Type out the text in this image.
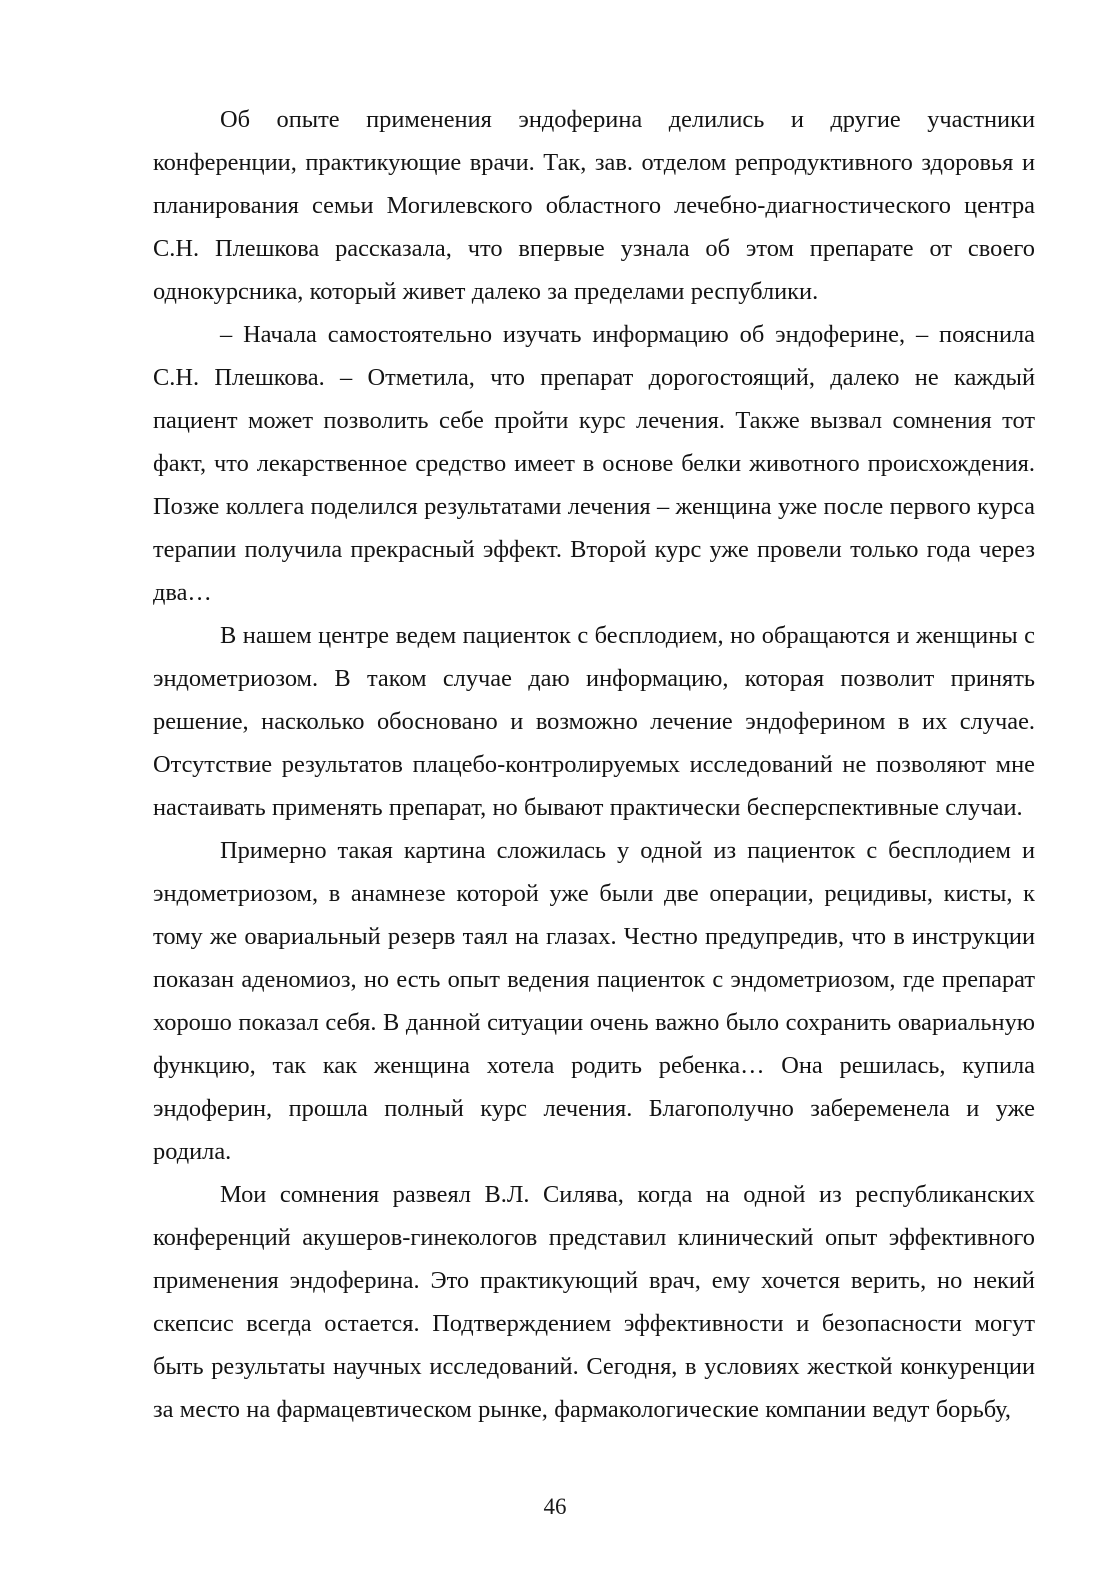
Об опыте применения эндоферина делились и другие участники конференции, практикующие врачи. Так, зав. отделом репродуктивного здоровья и планирования семьи Могилевского областного лечебно-диагностического центра С.Н. Плешкова рассказала, что впервые узнала об этом препарате от своего однокурсника, который живет далеко за пределами республики.

– Начала самостоятельно изучать информацию об эндоферине, – пояснила С.Н. Плешкова. – Отметила, что препарат дорогостоящий, далеко не каждый пациент может позволить себе пройти курс лечения. Также вызвал сомнения тот факт, что лекарственное средство имеет в основе белки животного происхождения. Позже коллега поделился результатами лечения – женщина уже после первого курса терапии получила прекрасный эффект. Второй курс уже провели только года через два…

В нашем центре ведем пациенток с бесплодием, но обращаются и женщины с эндометриозом. В таком случае даю информацию, которая позволит принять решение, насколько обосновано и возможно лечение эндоферином в их случае. Отсутствие результатов плацебо-контролируемых исследований не позволяют мне настаивать применять препарат, но бывают практически бесперспективные случаи.

Примерно такая картина сложилась у одной из пациенток с бесплодием и эндометриозом, в анамнезе которой уже были две операции, рецидивы, кисты, к тому же овариальный резерв таял на глазах. Честно предупредив, что в инструкции показан аденомиоз, но есть опыт ведения пациенток с эндометриозом, где препарат хорошо показал себя. В данной ситуации очень важно было сохранить овариальную функцию, так как женщина хотела родить ребенка… Она решилась, купила эндоферин, прошла полный курс лечения. Благополучно забеременела и уже родила.

Мои сомнения развеял В.Л. Силява, когда на одной из республиканских конференций акушеров-гинекологов представил клинический опыт эффективного применения эндоферина. Это практикующий врач, ему хочется верить, но некий скепсис всегда остается. Подтверждением эффективности и безопасности могут быть результаты научных исследований. Сегодня, в условиях жесткой конкуренции за место на фармацевтическом рынке, фармакологические компании ведут борьбу,

46
